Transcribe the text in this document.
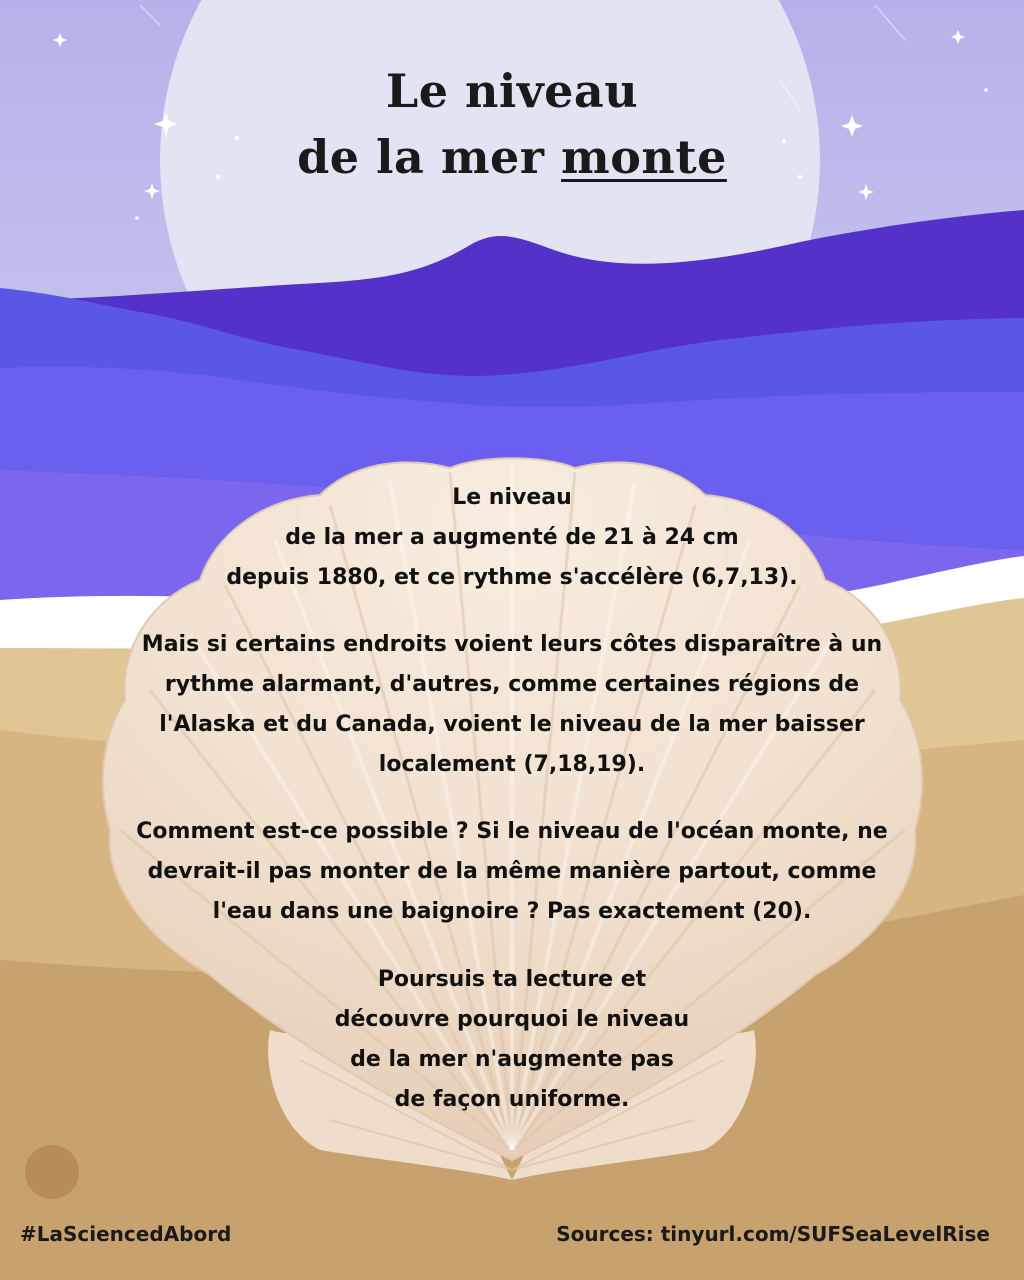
Le niveau
de la mer monte
Le niveau
de la mer a augmenté de 21 à 24 cm
depuis 1880, et ce rythme s'accélère (6,7,13).
Mais si certains endroits voient leurs côtes disparaître à un
rythme alarmant, d'autres, comme certaines régions de
l'Alaska et du Canada, voient le niveau de la mer baisser
localement (7,18,19).
Comment est-ce possible ? Si le niveau de l'océan monte, ne
devrait-il pas monter de la même manière partout, comme
l'eau dans une baignoire ? Pas exactement (20).
Poursuis ta lecture et
découvre pourquoi le niveau
de la mer n'augmente pas
de façon uniforme.
#LaSciencedAbord	Sources: tinyurl.com/SUFSeaLevelRise
